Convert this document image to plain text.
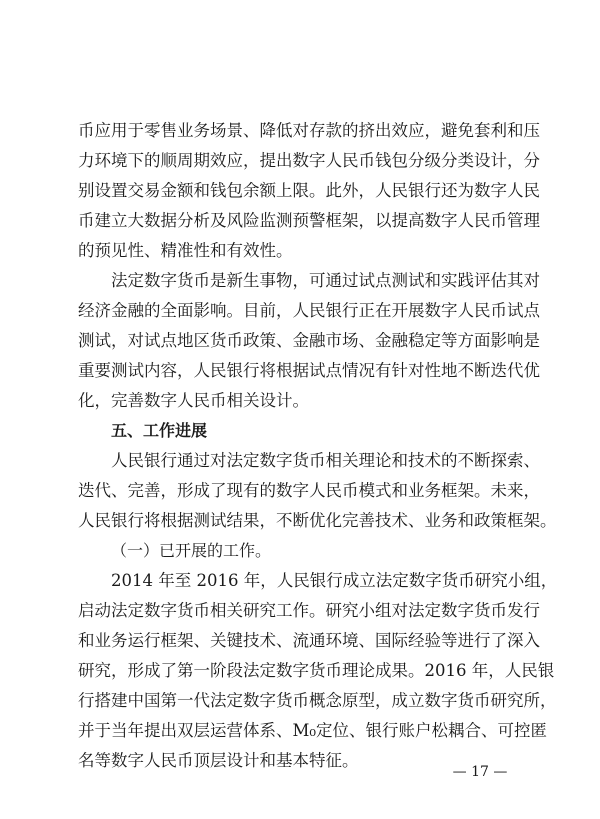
币应用于零售业务场景、降低对存款的挤出效应，避免套利和压
力环境下的顺周期效应，提出数字人民币钱包分级分类设计，分
别设置交易金额和钱包余额上限。此外，人民银行还为数字人民
币建立大数据分析及风险监测预警框架，以提高数字人民币管理
的预见性、精准性和有效性。
法定数字货币是新生事物，可通过试点测试和实践评估其对
经济金融的全面影响。目前，人民银行正在开展数字人民币试点
测试，对试点地区货币政策、金融市场、金融稳定等方面影响是
重要测试内容，人民银行将根据试点情况有针对性地不断迭代优
化，完善数字人民币相关设计。
五、工作进展
人民银行通过对法定数字货币相关理论和技术的不断探索、
迭代、完善，形成了现有的数字人民币模式和业务框架。未来，
人民银行将根据测试结果，不断优化完善技术、业务和政策框架。
（一）已开展的工作。
2014 年至 2016 年，人民银行成立法定数字货币研究小组，
启动法定数字货币相关研究工作。研究小组对法定数字货币发行
和业务运行框架、关键技术、流通环境、国际经验等进行了深入
研究，形成了第一阶段法定数字货币理论成果。2016 年，人民银
行搭建中国第一代法定数字货币概念原型，成立数字货币研究所，
并于当年提出双层运营体系、M₀定位、银行账户松耦合、可控匿
名等数字人民币顶层设计和基本特征。
— 17 —
